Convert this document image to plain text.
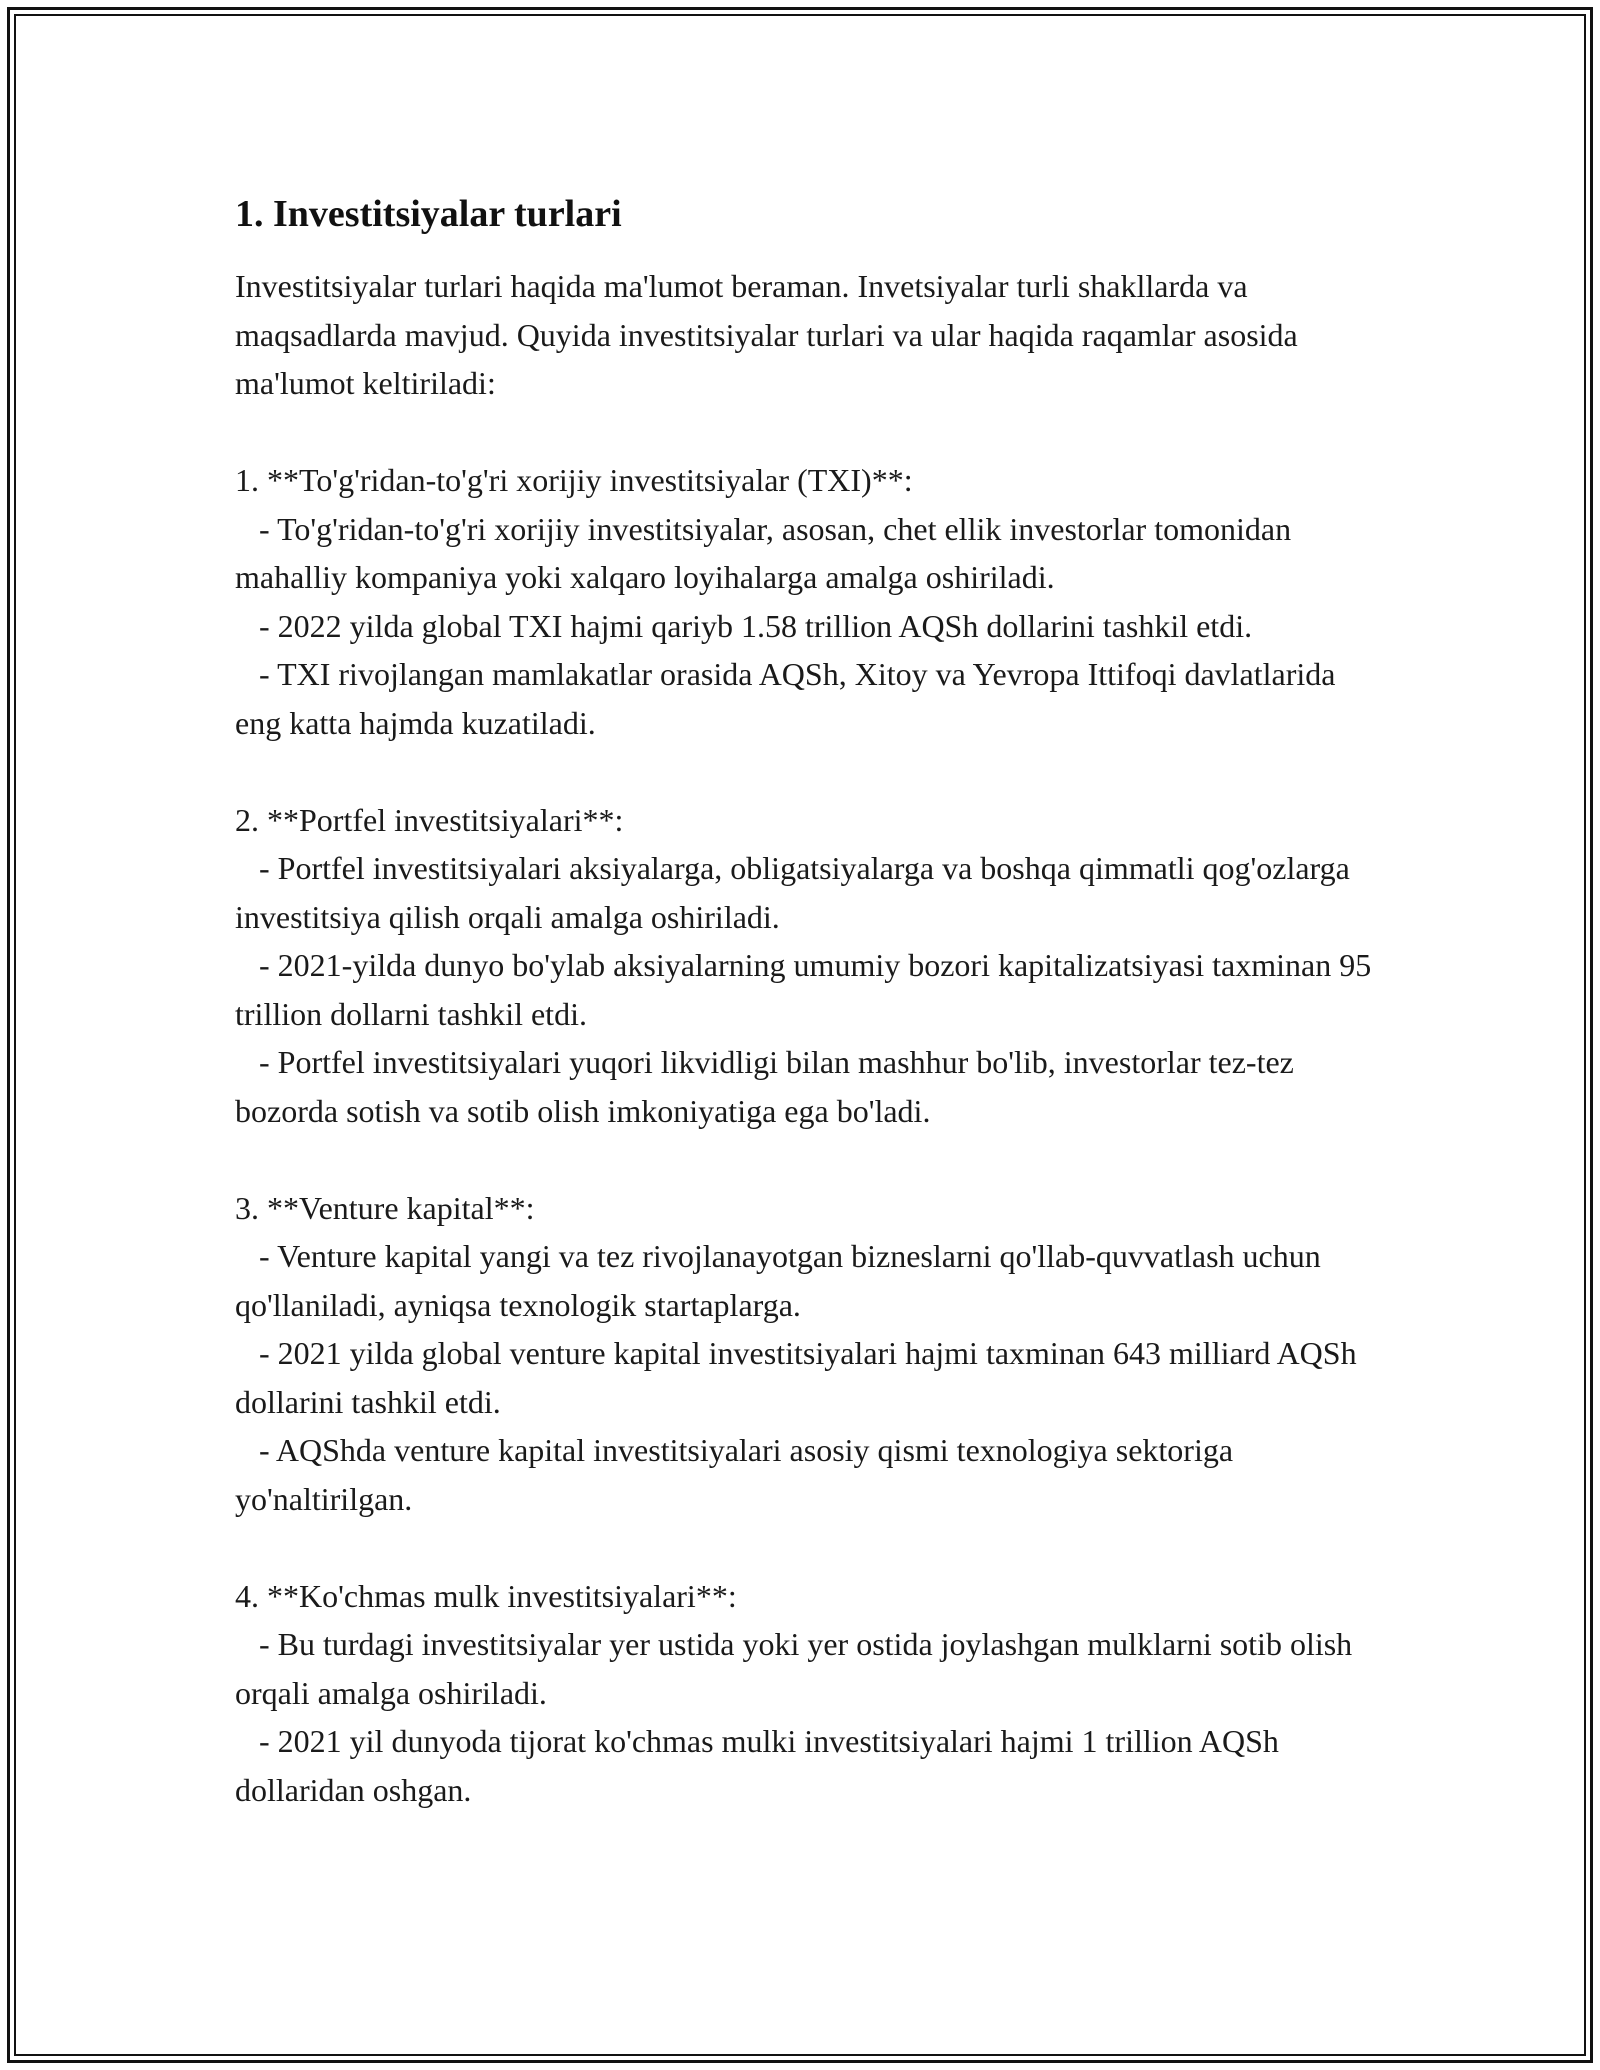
1. Investitsiyalar turlari

Investitsiyalar turlari haqida ma'lumot beraman. Invetsiyalar turli shakllarda va maqsadlarda mavjud. Quyida investitsiyalar turlari va ular haqida raqamlar asosida ma'lumot keltiriladi:

1. **To'g'ridan-to'g'ri xorijiy investitsiyalar (TXI)**:

- To'g'ridan-to'g'ri xorijiy investitsiyalar, asosan, chet ellik investorlar tomonidan mahalliy kompaniya yoki xalqaro loyihalarga amalga oshiriladi.

- 2022 yilda global TXI hajmi qariyb 1.58 trillion AQSh dollarini tashkil etdi.

- TXI rivojlangan mamlakatlar orasida AQSh, Xitoy va Yevropa Ittifoqi davlatlarida eng katta hajmda kuzatiladi.

2. **Portfel investitsiyalari**:

- Portfel investitsiyalari aksiyalarga, obligatsiyalarga va boshqa qimmatli qog'ozlarga investitsiya qilish orqali amalga oshiriladi.

- 2021-yilda dunyo bo'ylab aksiyalarning umumiy bozori kapitalizatsiyasi taxminan 95 trillion dollarni tashkil etdi.

- Portfel investitsiyalari yuqori likvidligi bilan mashhur bo'lib, investorlar tez-tez bozorda sotish va sotib olish imkoniyatiga ega bo'ladi.

3. **Venture kapital**:

- Venture kapital yangi va tez rivojlanayotgan bizneslarni qo'llab-quvvatlash uchun qo'llaniladi, ayniqsa texnologik startaplarga.

- 2021 yilda global venture kapital investitsiyalari hajmi taxminan 643 milliard AQSh dollarini tashkil etdi.

- AQShda venture kapital investitsiyalari asosiy qismi texnologiya sektoriga yo'naltirilgan.

4. **Ko'chmas mulk investitsiyalari**:

- Bu turdagi investitsiyalar yer ustida yoki yer ostida joylashgan mulklarni sotib olish orqali amalga oshiriladi.

- 2021 yil dunyoda tijorat ko'chmas mulki investitsiyalari hajmi 1 trillion AQSh dollaridan oshgan.
